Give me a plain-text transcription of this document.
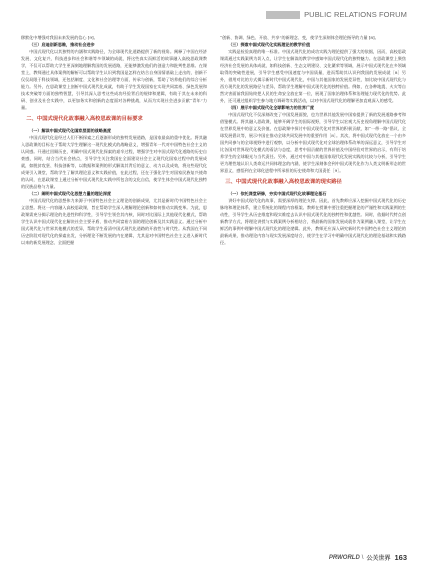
PUBLIC RELATIONS FORUM

移默化中增强对我国未来发展的信心 [9]。

（三）启迪创新思维，推动社会进步

中国式现代化以其独特的内涵和实践路径，为全球现代化道路提供了新的视角。阐释了中国在经济发展、文化复兴、科技进步和社会和谐等多领域的成就，将这些真实而鲜活的故事融入高校思政课教学，不仅可以帮助大学生更深刻地理解我国的发展道路，还能够激发他们的创造力和批判性思维。在课堂上，教师通过具体案例的解析可以帮助学生认识到我国是怎样在结合自身国情基础上走出的，创新不仅仅局限于科技领域，还包括制度、文化和社会治理等方面，传承与创新，帮助了培养他们的综合分析能力。另外，在思政课堂上剖析中国式现代化成就，有助于学生发现国家在实现共同富裕、绿色发展和技术突破等方面的独特智慧，引导其深入思考这些成功经验背后的规律和逻辑，有助于其在未来的科研、创业及社会实践中，以更加务实和创新的态度面对各种挑战，从而为实现社会进步贡献“青年”力量。

二、中国式现代化故事融入高校思政课的目标要求

（一）解读中国式现代化国家层面的战略高度

中国式现代化是经过人们不断探索之后逐渐形成的独特发展道路，是国家最高的重中优化。将其融入思政课的目标在于帮助大学生理解这一现代化模式的战略意义，增强青年一代对中国特色社会主义的认同感。开通过回顾历史，明确中国式现代化探索的艰辛过程，增强学生对中国式现代化道路的历史自豪感，同时，结合当代社会热点，引导学生关注我国在全面建设社会主义现代化国家过程中的发展成就，如脱贫攻坚、科技创新等，以数据和案例的形式解读其背后的意义、动力以及成效，将这些现代化成果引入课堂，帮助学生了解其理论意义和实践价值，在此过程，还在于强化学生对国家民族复兴使命的认同，在思政课堂上通过分析中国式现代化实践中所包含的文化自信，使学生体会中国式现代化独特的民族品格与力量。

（二）阐明中国式现代化思想力量的理论深度

中国式现代化的思想伟力来源于中国特色社会主义理论的创新成果，尤其是新时代中国特色社会主义思想。将这一内容融入高校思政课，旨在帮助学生深入理解理论创新和如何推动实践变革。为此，思政课需充分揭示理论的先进性和科学性，引导学生领会其内核，同时对比国际上其他现代化模式，帮助学生认识中国式现代化在解决社会主要矛盾、推动共同富裕方面的理论创新及其实践意义。通过分析中国式现代化与世界其他模式的差异，帮助学生看清中国式现代化道路的开放性与时代性。从我国在不同历史阶段对现代化的探索出发，分析理论不断发展的内在逻辑，尤其是对中国特色社会主义进入新时代以来的新发展理念、全面把握

“创新、协调、绿色、开放、共享”的新理念、变，使学生深刻体会理论指导的力量 [8]。

（三）探索中国式现代化实践理论的教学价值

实践是检验真理的唯一标准。中国式现代化的成功实践为理论提供了强大的依据，因而，高校思政课需通过实践案例为切入点，让学生在解读的教学中感知中国式现代化的独特魅力。在思政课堂上聚焦经济社会发展的具体成就，如科技创新、生态文明建设、文化繁荣等领域，展示中国式现代化在多领域取得的突破性进展，引导学生感受中国速度与中国质量，进而帮助其认识到我国的发展成就［8］另外，借用对比的方式揭示新时代中国式现代化，中国与其他国家的发展差异性，如比较中国式现代化与西方现代化的发展路径与差异，帮助学生理解中国式现代化的独特价值。例如，在各种地震、火灾等自然灾害面前我国始终把人民的生命安全放在第一位，展现了国家治理体系和治理能力现代化的优势。此外，还可通过组织学生参与地方调研等实践活动，以对中国式现代化的理解更加直观深入的感受。

（四）展示中国式现代化全球影响力的世界广度

中国式现代化不仅深刻改变了中国发展面貌，也为世界其他发展中国家提供了新的发展道路参考和借鉴模式。将其融入思政课，能够开阔学生的国际视野，引导学生以宏观大历史视角理解中国式现代化在世界发展中的意义及价值。在思政课中探讨中国式现代化对世界的积极贡献，如“一带一路”倡议、全球发展倡议等，展示中国在推动全球共同发展中的重要作用［8］。其次，将中国式现代化放在一个由多国共同参与的全球视野中进行观察，以分析中国式现代化对全球治理体系改革的深远意义，引导学生对比各国对世界现代化模式的看法与态度，思考中国贡献的世界价值及中国经验对世界的启示，有利于培养学生的全球眼光与当代责任。另外，通过对中国与其他国家现代化发展实践的比较与分析，引导学生更为理性地认识人类命运共同体理念的内涵，使学生深刻体会到中国式现代化作为人类文明新形态的世界意义，感悟到在全球化进程中所承担的历史使命和大国责任［9］。

三、中国式现代化故事融入高校思政课的现实路径

（一）依托课堂研修，夯实中国式现代化故事理论基石

讲好中国式现代化的故事，需要深厚的理论支撑。因此，首先教师应深入挖掘中国式现代化的历史脉络和理论体系，建立系统化的课程内容框架。教师在授课中要注重把握理论的严谨性和实践案例的生动性，引导学生从历史维度和现实维度去认识中国式现代化的独特性和优越性。同时，依据时代特点创新教学方式，将理论讲授与实践案例分析相结合，将最新的国家发展成就作为案例融入课堂，让学生在鲜活的事例中理解中国式现代化的理论逻辑。此外，教师还应深入研究新时代中国特色社会主义理论的最新成果，推动理论内容与现实发展深度结合，使学生在学习中明确中国式现代化的理论基础和实践路径。

PRWORLD \ 公关世界 163
